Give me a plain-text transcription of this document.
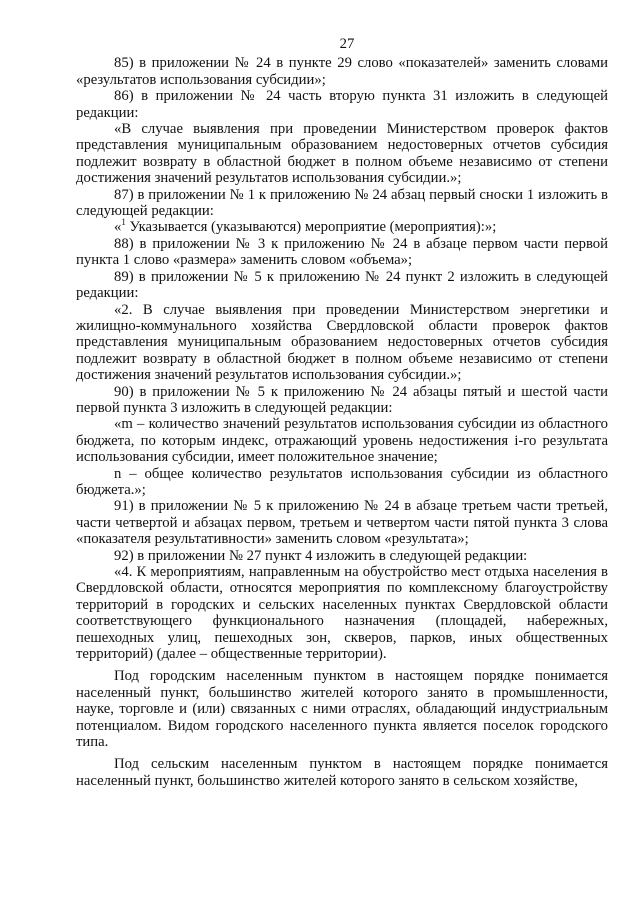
27

85) в приложении № 24 в пункте 29 слово «показателей» заменить словами «результатов использования субсидии»;

86) в приложении № 24 часть вторую пункта 31 изложить в следующей редакции:

«В случае выявления при проведении Министерством проверок фактов представления муниципальным образованием недостоверных отчетов субсидия подлежит возврату в областной бюджет в полном объеме независимо от степени достижения значений результатов использования субсидии.»;

87) в приложении № 1 к приложению № 24 абзац первый сноски 1 изложить в следующей редакции:

«$^1$ Указывается (указываются) мероприятие (мероприятия):»;

88) в приложении № 3 к приложению № 24 в абзаце первом части первой пункта 1 слово «размера» заменить словом «объема»;

89) в приложении № 5 к приложению № 24 пункт 2 изложить в следующей редакции:

«2. В случае выявления при проведении Министерством энергетики и жилищно-коммунального хозяйства Свердловской области проверок фактов представления муниципальным образованием недостоверных отчетов субсидия подлежит возврату в областной бюджет в полном объеме независимо от степени достижения значений результатов использования субсидии.»;

90) в приложении № 5 к приложению № 24 абзацы пятый и шестой части первой пункта 3 изложить в следующей редакции:

«m – количество значений результатов использования субсидии из областного бюджета, по которым индекс, отражающий уровень недостижения i-го результата использования субсидии, имеет положительное значение;

n – общее количество результатов использования субсидии из областного бюджета.»;

91) в приложении № 5 к приложению № 24 в абзаце третьем части третьей, части четвертой и абзацах первом, третьем и четвертом части пятой пункта 3 слова «показателя результативности» заменить словом «результата»;

92) в приложении № 27 пункт 4 изложить в следующей редакции:

«4. К мероприятиям, направленным на обустройство мест отдыха населения в Свердловской области, относятся мероприятия по комплексному благоустройству территорий в городских и сельских населенных пунктах Свердловской области соответствующего функционального назначения (площадей, набережных, пешеходных улиц, пешеходных зон, скверов, парков, иных общественных территорий) (далее – общественные территории).

Под городским населенным пунктом в настоящем порядке понимается населенный пункт, большинство жителей которого занято в промышленности, науке, торговле и (или) связанных с ними отраслях, обладающий индустриальным потенциалом. Видом городского населенного пункта является поселок городского типа.

Под сельским населенным пунктом в настоящем порядке понимается населенный пункт, большинство жителей которого занято в сельском хозяйстве,
